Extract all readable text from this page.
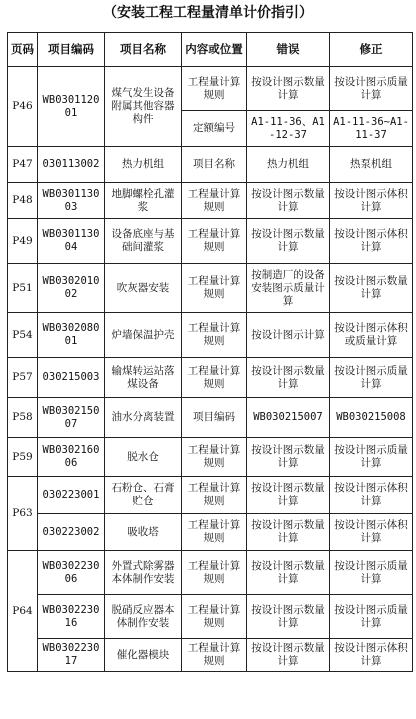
（安装工程工程量清单计价指引）
页码	项目编码	项目名称	内容或位置	错误	修正
P46	WB030112001	煤气发生设备附属其他容器构件	工程量计算规则	按设计图示数量计算	按设计图示质量计算
			定额编号	A1-11-36、A1-12-37	A1-11-36~A1-11-37
P47	030113002	热力机组	项目名称	热力机组	热泵机组
P48	WB030113003	地脚螺栓孔灌浆	工程量计算规则	按设计图示数量计算	按设计图示体积计算
P49	WB030113004	设备底座与基础间灌浆	工程量计算规则	按设计图示数量计算	按设计图示体积计算
P51	WB030201002	吹灰器安装	工程量计算规则	按制造厂的设备安装图示质量计算	按设计图示数量计算
P54	WB030208001	炉墙保温护壳	工程量计算规则	按设计图示计算	按设计图示体积或质量计算
P57	030215003	输煤转运站落煤设备	工程量计算规则	按设计图示数量计算	按设计图示质量计算
P58	WB030215007	油水分离装置	项目编码	WB030215007	WB030215008
P59	WB030216006	脱水仓	工程量计算规则	按设计图示数量计算	按设计图示质量计算
P63	030223001	石粉仓、石膏贮仓	工程量计算规则	按设计图示数量计算	按设计图示体积计算
	030223002	吸收塔	工程量计算规则	按设计图示数量计算	按设计图示体积计算
P64	WB030223006	外置式除雾器本体制作安装	工程量计算规则	按设计图示数量计算	按设计图示质量计算
	WB030223016	脱硝反应器本体制作安装	工程量计算规则	按设计图示数量计算	按设计图示质量计算
	WB030223017	催化器模块	工程量计算规则	按设计图示数量计算	按设计图示体积计算
